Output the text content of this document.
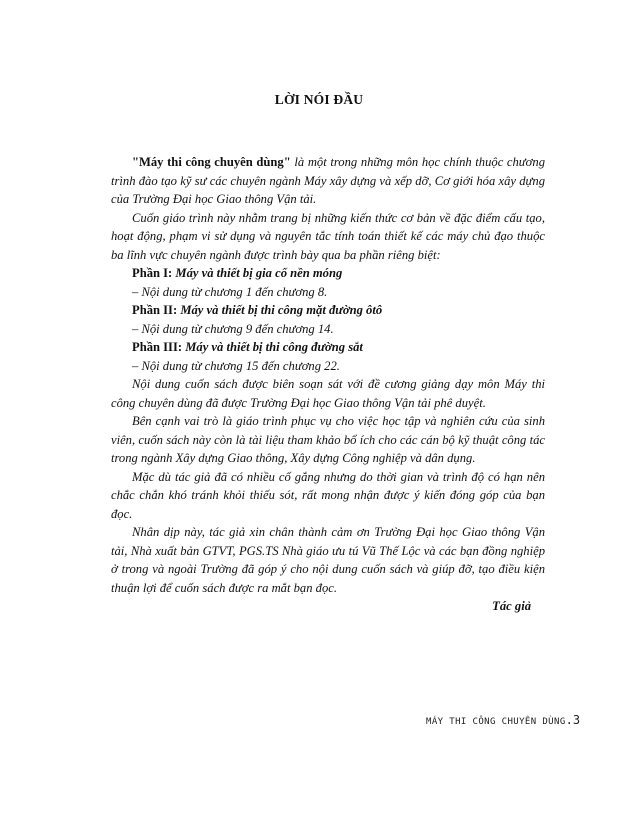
LỜI NÓI ĐẦU

"Máy thi công chuyên dùng" là một trong những môn học chính thuộc chương trình đào tạo kỹ sư các chuyên ngành Máy xây dựng và xếp dỡ, Cơ giới hóa xây dựng của Trường Đại học Giao thông Vận tải.

Cuốn giáo trình này nhằm trang bị những kiến thức cơ bản về đặc điểm cấu tạo, hoạt động, phạm vi sử dụng và nguyên tắc tính toán thiết kế các máy chủ đạo thuộc ba lĩnh vực chuyên ngành được trình bày qua ba phần riêng biệt:

Phần I: Máy và thiết bị gia cố nền móng

– Nội dung từ chương 1 đến chương 8.

Phần II: Máy và thiết bị thi công mặt đường ôtô

– Nội dung từ chương 9 đến chương 14.

Phần III: Máy và thiết bị thi công đường sắt

– Nội dung từ chương 15 đến chương 22.

Nội dung cuốn sách được biên soạn sát với đề cương giảng dạy môn Máy thi công chuyên dùng đã được Trường Đại học Giao thông Vận tải phê duyệt.

Bên cạnh vai trò là giáo trình phục vụ cho việc học tập và nghiên cứu của sinh viên, cuốn sách này còn là tài liệu tham khảo bổ ích cho các cán bộ kỹ thuật công tác trong ngành Xây dựng Giao thông, Xây dựng Công nghiệp và dân dụng.

Mặc dù tác giả đã có nhiều cố gắng nhưng do thời gian và trình độ có hạn nên chắc chắn khó tránh khỏi thiếu sót, rất mong nhận được ý kiến đóng góp của bạn đọc.

Nhân dịp này, tác giả xin chân thành cảm ơn Trường Đại học Giao thông Vận tải, Nhà xuất bản GTVT, PGS.TS Nhà giáo ưu tú Vũ Thế Lộc và các bạn đồng nghiệp ở trong và ngoài Trường đã góp ý cho nội dung cuốn sách và giúp đỡ, tạo điều kiện thuận lợi để cuốn sách được ra mắt bạn đọc.

Tác giả

MÁY THI CÔNG CHUYÊN DÙNG.3
